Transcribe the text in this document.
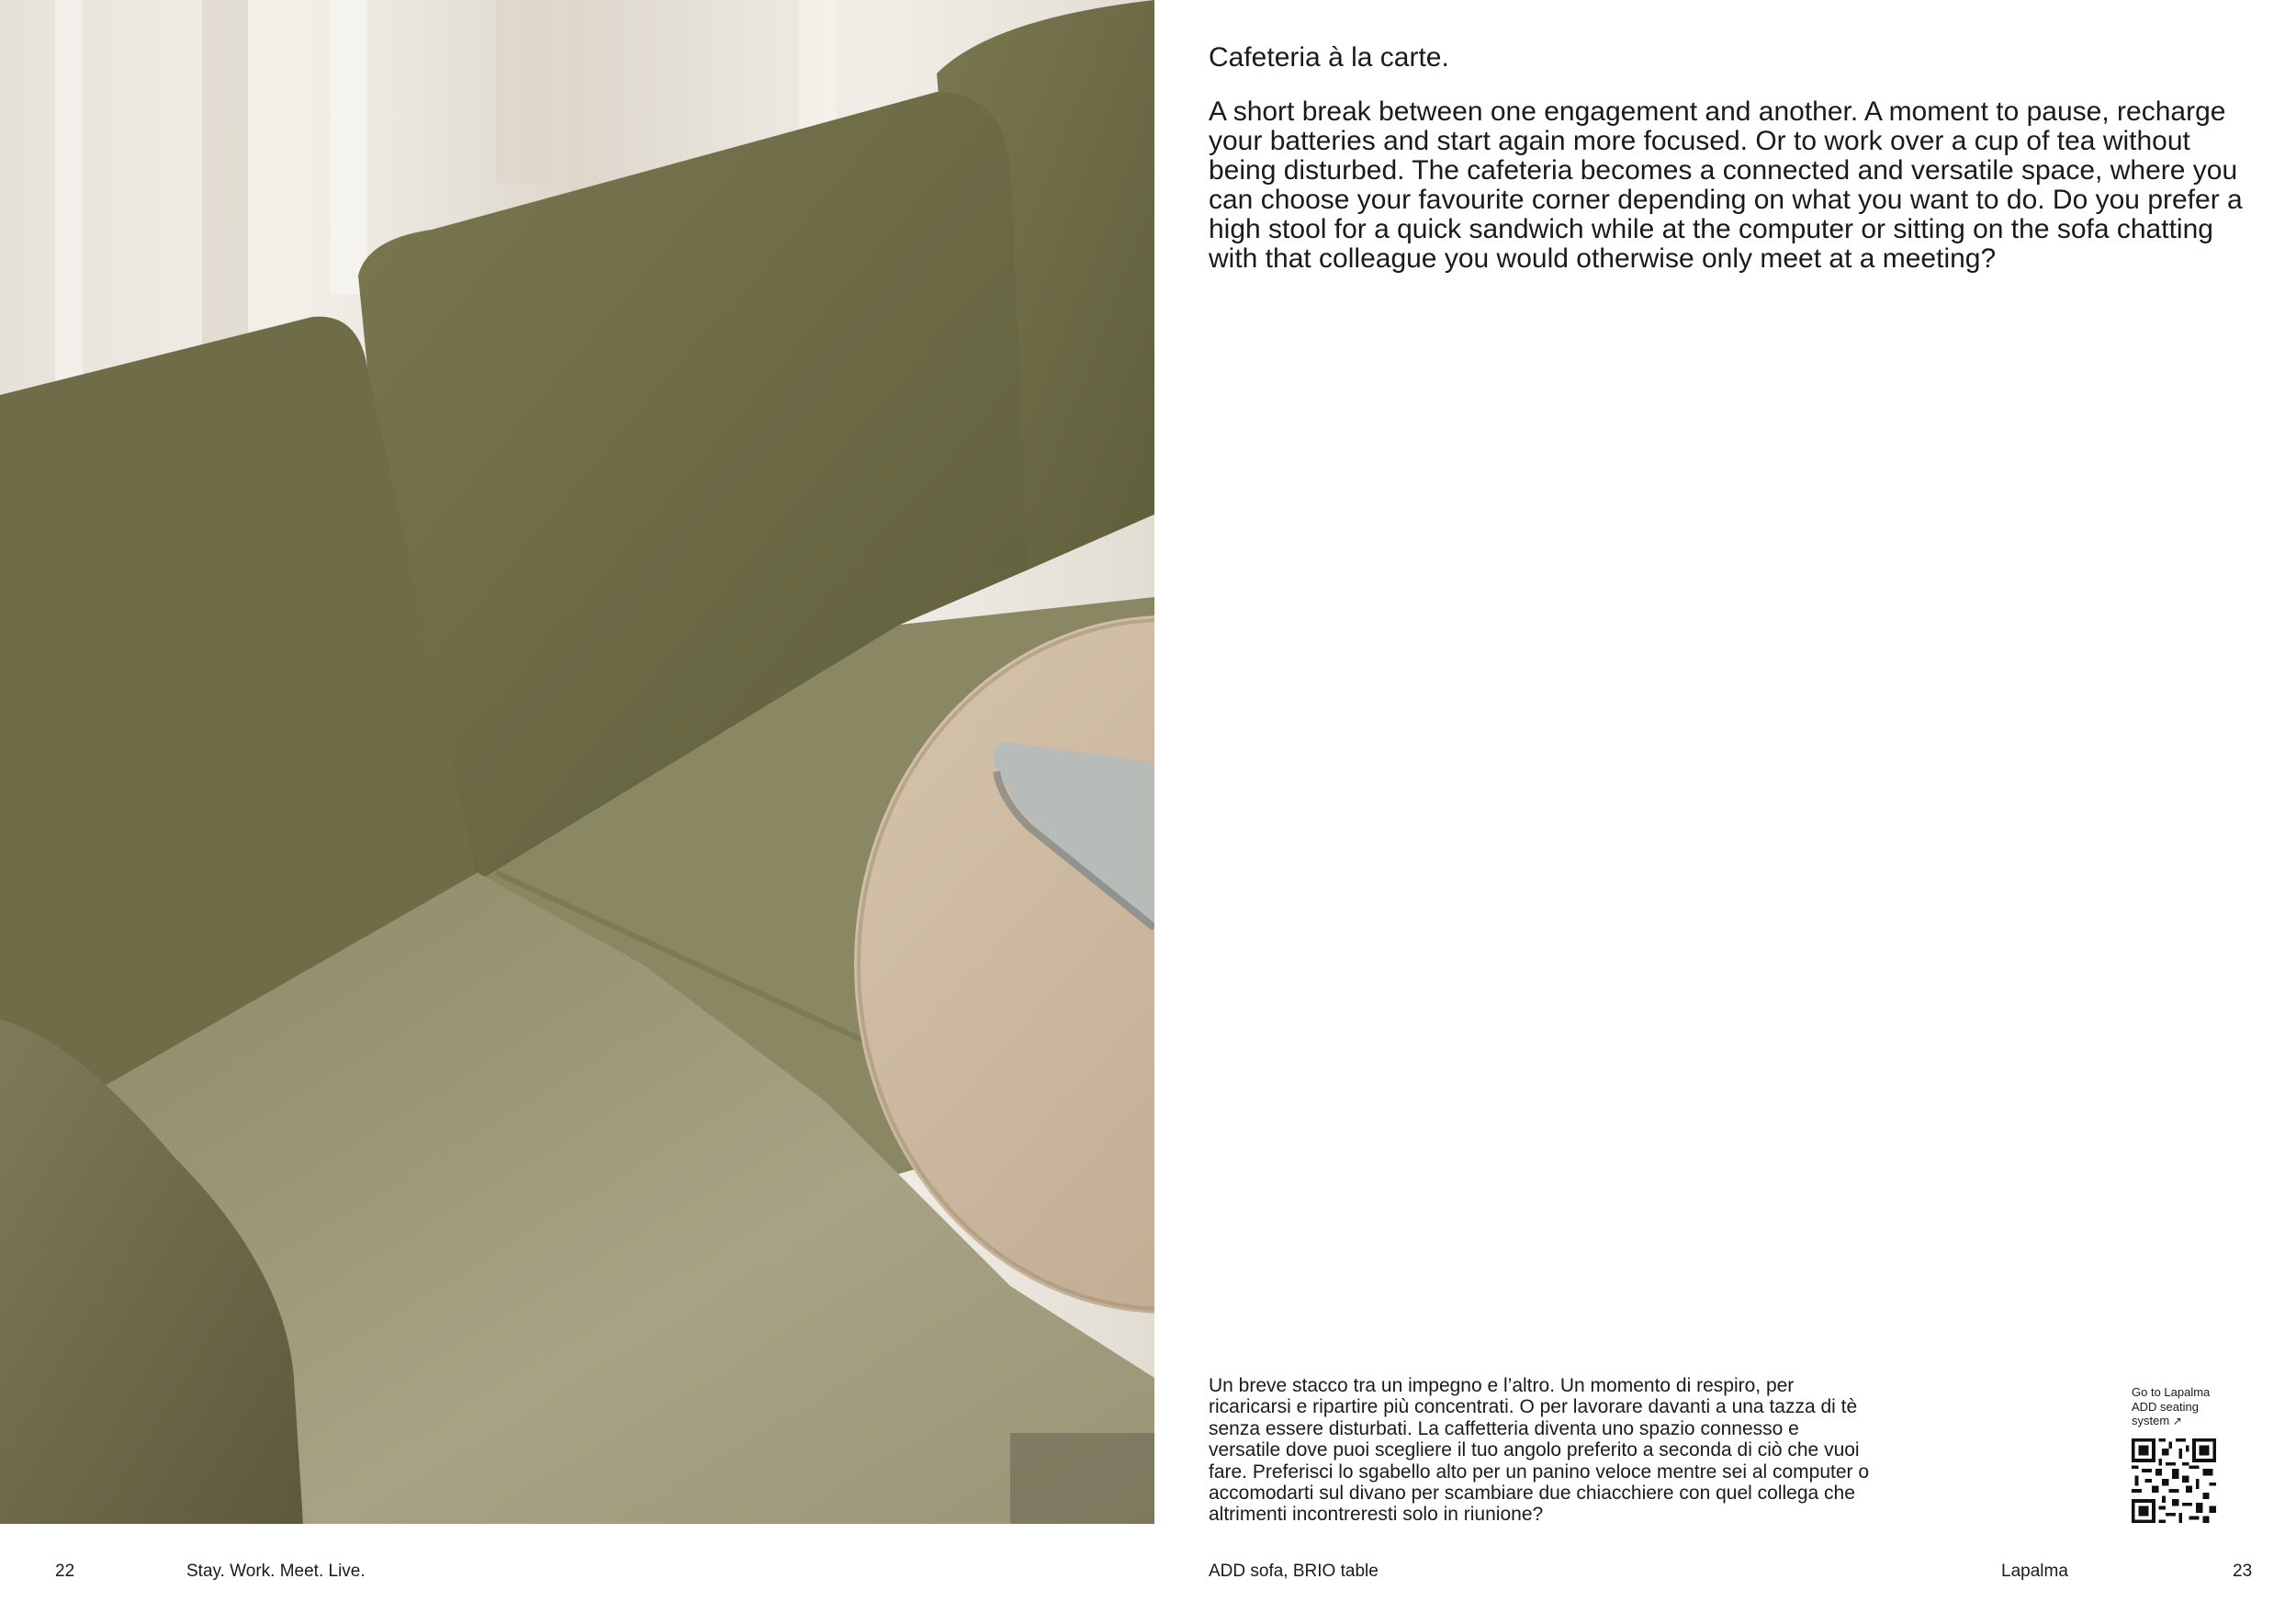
Cafeteria à la carte.

A short break between one engagement and another. A moment to pause, recharge your batteries and start again more focused. Or to work over a cup of tea without being disturbed. The cafeteria becomes a connected and versatile space, where you can choose your favourite corner depending on what you want to do. Do you prefer a high stool for a quick sandwich while at the computer or sitting on the sofa chatting with that colleague you would otherwise only meet at a meeting?

Un breve stacco tra un impegno e l’altro. Un momento di respiro, per ricaricarsi e ripartire più concentrati. O per lavorare davanti a una tazza di tè senza essere disturbati. La caffetteria diventa uno spazio connesso e versatile dove puoi scegliere il tuo angolo preferito a seconda di ciò che vuoi fare. Preferisci lo sgabello alto per un panino veloce mentre sei al computer o accomodarti sul divano per scambiare due chiacchiere con quel collega che altrimenti incontreresti solo in riunione?

Go to Lapalma ADD seating system ↗

22	Stay. Work. Meet. Live.	ADD sofa, BRIO table	Lapalma	23
